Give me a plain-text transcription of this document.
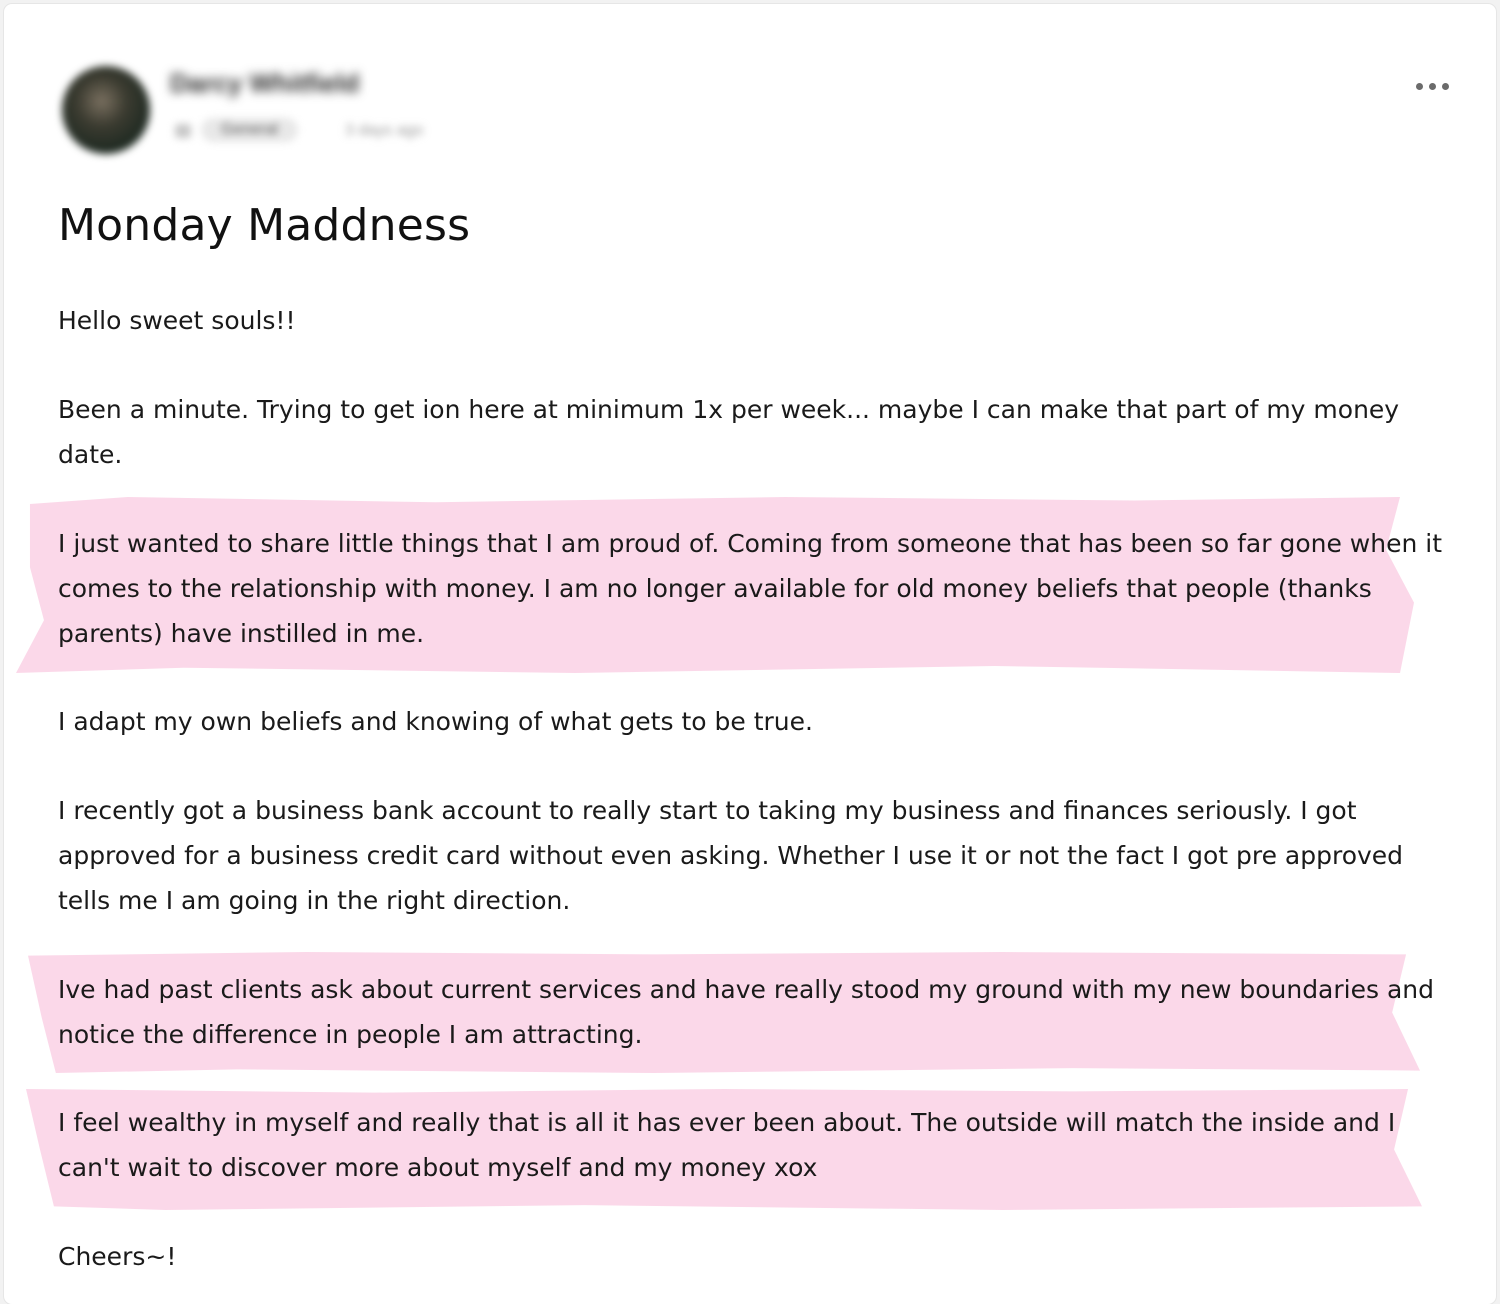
Darcy Whitfield
General	3 days ago
Monday Maddness

Hello sweet souls!!

Been a minute. Trying to get ion here at minimum 1x per week... maybe I can make that part of my money date.

I just wanted to share little things that I am proud of. Coming from someone that has been so far gone when it comes to the relationship with money. I am no longer available for old money beliefs that people (thanks parents) have instilled in me.

I adapt my own beliefs and knowing of what gets to be true.

I recently got a business bank account to really start to taking my business and finances seriously. I got approved for a business credit card without even asking. Whether I use it or not the fact I got pre approved tells me I am going in the right direction.

Ive had past clients ask about current services and have really stood my ground with my new boundaries and notice the difference in people I am attracting.

I feel wealthy in myself and really that is all it has ever been about. The outside will match the inside and I can't wait to discover more about myself and my money xox

Cheers~!
